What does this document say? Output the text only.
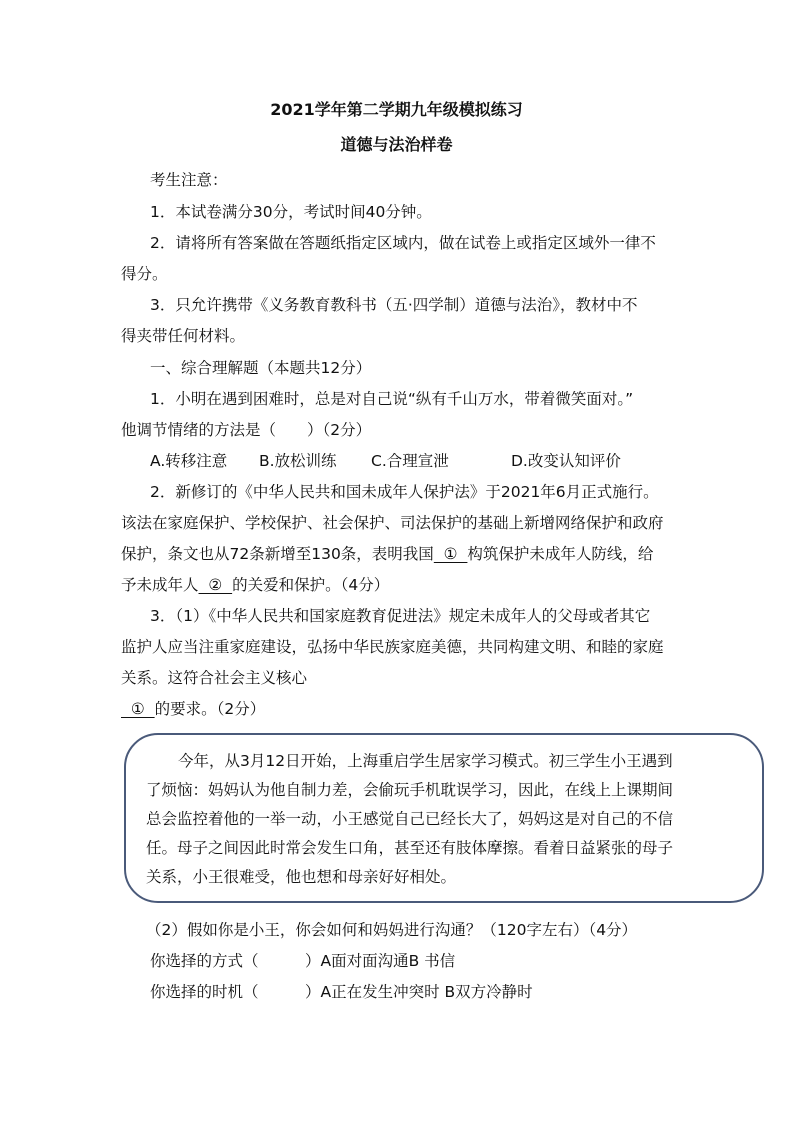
2021学年第二学期九年级模拟练习
道德与法治样卷
考生注意：
1．本试卷满分30分，考试时间40分钟。
2．请将所有答案做在答题纸指定区域内，做在试卷上或指定区域外一律不
得分。
3．只允许携带《义务教育教科书（五·四学制）道德与法治》，教材中不
得夹带任何材料。
一、综合理解题（本题共12分）
1．小明在遇到困难时，总是对自己说“纵有千山万水，带着微笑面对。”
他调节情绪的方法是（　　）（2分）
A.转移注意 B.放松训练 C.合理宣泄	D.改变认知评价
2．新修订的《中华人民共和国未成年人保护法》于2021年6月正式施行。
该法在家庭保护、学校保护、社会保护、司法保护的基础上新增网络保护和政府
保护，条文也从72条新增至130条，表明我国  ①  构筑保护未成年人防线，给
予未成年人  ②  的关爱和保护。（4分）
3．（1）《中华人民共和国家庭教育促进法》规定未成年人的父母或者其它
监护人应当注重家庭建设，弘扬中华民族家庭美德，共同构建文明、和睦的家庭
关系。这符合社会主义核心
①  的要求。（2分）
今年，从3月12日开始，上海重启学生居家学习模式。初三学生小王遇到
了烦恼：妈妈认为他自制力差，会偷玩手机耽误学习，因此，在线上上课期间
总会监控着他的一举一动，小王感觉自己已经长大了，妈妈这是对自己的不信
任。母子之间因此时常会发生口角，甚至还有肢体摩擦。看着日益紧张的母子
关系，小王很难受，他也想和母亲好好相处。
（2）假如你是小王，你会如何和妈妈进行沟通？（120字左右）（4分）
你选择的方式（　　　）A面对面沟通B 书信
你选择的时机（　　　）A正在发生冲突时 B双方冷静时
